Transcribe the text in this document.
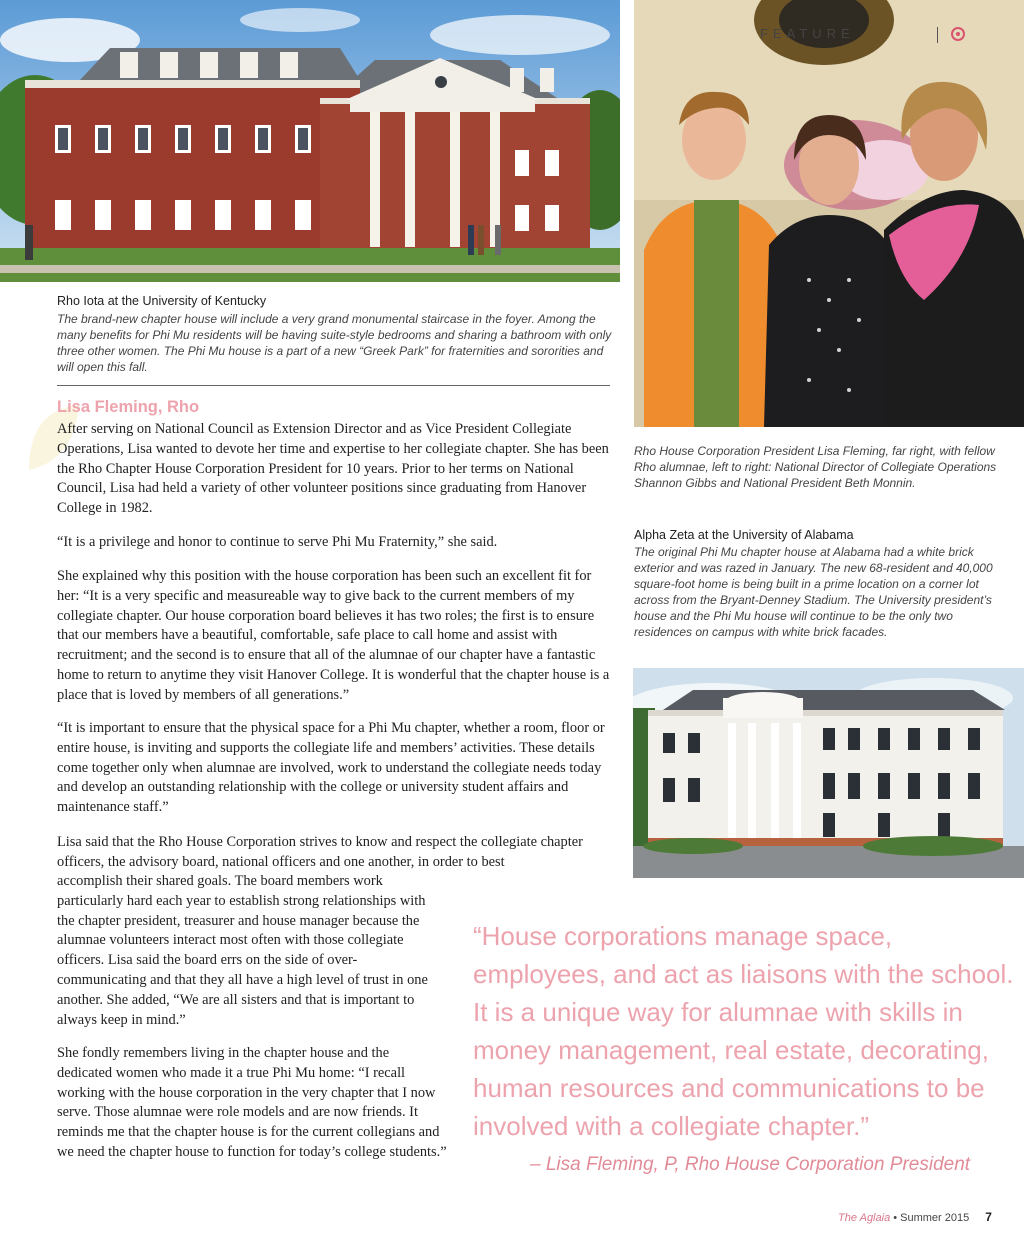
FEATURE
Rho Iota at the University of Kentucky
The brand-new chapter house will include a very grand monumental staircase in the foyer. Among the many benefits for Phi Mu residents will be having suite-style bedrooms and sharing a bathroom with only three other women. The Phi Mu house is a part of a new “Greek Park” for fraternities and sororities and will open this fall.
Rho House Corporation President Lisa Fleming, far right, with fellow Rho alumnae, left to right: National Director of Collegiate Operations Shannon Gibbs and National President Beth Monnin.
Alpha Zeta at the University of Alabama
The original Phi Mu chapter house at Alabama had a white brick exterior and was razed in January. The new 68-resident and 40,000 square-foot home is being built in a prime location on a corner lot across from the Bryant-Denney Stadium. The University president’s house and the Phi Mu house will continue to be the only two residences on campus with white brick facades.
Lisa Fleming, Rho
After serving on National Council as Extension Director and as Vice President Collegiate Operations, Lisa wanted to devote her time and expertise to her collegiate chapter. She has been the Rho Chapter House Corporation President for 10 years. Prior to her terms on National Council, Lisa had held a variety of other volunteer positions since graduating from Hanover College in 1982.
“It is a privilege and honor to continue to serve Phi Mu Fraternity,” she said.
She explained why this position with the house corporation has been such an excellent fit for her: “It is a very specific and measureable way to give back to the current members of my collegiate chapter. Our house corporation board believes it has two roles; the first is to ensure that our members have a beautiful, comfortable, safe place to call home and assist with recruitment; and the second is to ensure that all of the alumnae of our chapter have a fantastic home to return to anytime they visit Hanover College. It is wonderful that the chapter house is a place that is loved by members of all generations.”
“It is important to ensure that the physical space for a Phi Mu chapter, whether a room, floor or entire house, is inviting and supports the collegiate life and members’ activities. These details come together only when alumnae are involved, work to understand the collegiate needs today and develop an outstanding relationship with the college or university student affairs and maintenance staff.”
Lisa said that the Rho House Corporation strives to know and respect the collegiate chapter officers, the advisory board, national officers and one another, in order to best
accomplish their shared goals. The board members work particularly hard each year to establish strong relationships with the chapter president, treasurer and house manager because the alumnae volunteers interact most often with those collegiate officers. Lisa said the board errs on the side of over-communicating and that they all have a high level of trust in one another. She added, “We are all sisters and that is important to always keep in mind.”
She fondly remembers living in the chapter house and the dedicated women who made it a true Phi Mu home: “I recall working with the house corporation in the very chapter that I now serve. Those alumnae were role models and are now friends. It reminds me that the chapter house is for the current collegians and we need the chapter house to function for today’s college students.”
“House corporations manage space, employees, and act as liaisons with the school. It is a unique way for alumnae with skills in money management, real estate, decorating, human resources and communications to be involved with a collegiate chapter.”
– Lisa Fleming, P, Rho House Corporation President
The Aglaia • Summer 2015 7
